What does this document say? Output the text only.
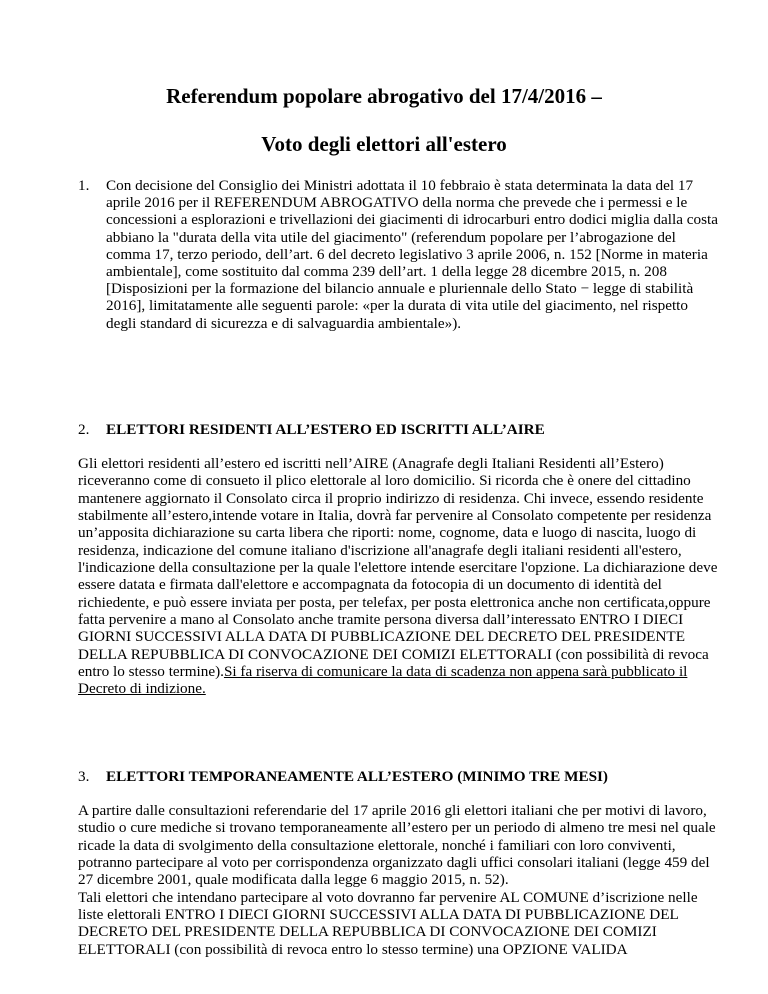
Referendum popolare abrogativo del 17/4/2016 –
Voto degli elettori all'estero
1. Con decisione del Consiglio dei Ministri adottata il 10 febbraio è stata determinata la data del 17 aprile 2016 per il REFERENDUM ABROGATIVO della norma che prevede che i permessi e le concessioni a esplorazioni e trivellazioni dei giacimenti di idrocarburi entro dodici miglia dalla costa abbiano la "durata della vita utile del giacimento" (referendum popolare per l’abrogazione del comma 17, terzo periodo, dell’art. 6 del decreto legislativo 3 aprile 2006, n. 152 [Norme in materia ambientale], come sostituito dal comma 239 dell’art. 1 della legge 28 dicembre 2015, n. 208 [Disposizioni per la formazione del bilancio annuale e pluriennale dello Stato − legge di stabilità 2016], limitatamente alle seguenti parole: «per la durata di vita utile del giacimento, nel rispetto degli standard di sicurezza e di salvaguardia ambientale»).

2. ELETTORI RESIDENTI ALL’ESTERO ED ISCRITTI ALL’AIRE

Gli elettori residenti all’estero ed iscritti nell’AIRE (Anagrafe degli Italiani Residenti all’Estero) riceveranno come di consueto il plico elettorale al loro domicilio. Si ricorda che è onere del cittadino mantenere aggiornato il Consolato circa il proprio indirizzo di residenza. Chi invece, essendo residente stabilmente all’estero,intende votare in Italia, dovrà far pervenire al Consolato competente per residenza un’apposita dichiarazione su carta libera che riporti: nome, cognome, data e luogo di nascita, luogo di residenza, indicazione del comune italiano d'iscrizione all'anagrafe degli italiani residenti all'estero, l'indicazione della consultazione per la quale l'elettore intende esercitare l'opzione. La dichiarazione deve essere datata e firmata dall'elettore e accompagnata da fotocopia di un documento di identità del richiedente, e può essere inviata per posta, per telefax, per posta elettronica anche non certificata,oppure fatta pervenire a mano al Consolato anche tramite persona diversa dall’interessato ENTRO I DIECI GIORNI SUCCESSIVI ALLA DATA DI PUBBLICAZIONE DEL DECRETO DEL PRESIDENTE DELLA REPUBBLICA DI CONVOCAZIONE DEI COMIZI ELETTORALI (con possibilità di revoca entro lo stesso termine).Si fa riserva di comunicare la data di scadenza non appena sarà pubblicato il Decreto di indizione.

3. ELETTORI TEMPORANEAMENTE ALL’ESTERO (MINIMO TRE MESI)

A partire dalle consultazioni referendarie del 17 aprile 2016 gli elettori italiani che per motivi di lavoro, studio o cure mediche si trovano temporaneamente all’estero per un periodo di almeno tre mesi nel quale ricade la data di svolgimento della consultazione elettorale, nonché i familiari con loro conviventi, potranno partecipare al voto per corrispondenza organizzato dagli uffici consolari italiani (legge 459 del 27 dicembre 2001, quale modificata dalla legge 6 maggio 2015, n. 52).
Tali elettori che intendano partecipare al voto dovranno far pervenire AL COMUNE d’iscrizione nelle liste elettorali ENTRO I DIECI GIORNI SUCCESSIVI ALLA DATA DI PUBBLICAZIONE DEL DECRETO DEL PRESIDENTE DELLA REPUBBLICA DI CONVOCAZIONE DEI COMIZI ELETTORALI (con possibilità di revoca entro lo stesso termine) una OPZIONE VALIDA
